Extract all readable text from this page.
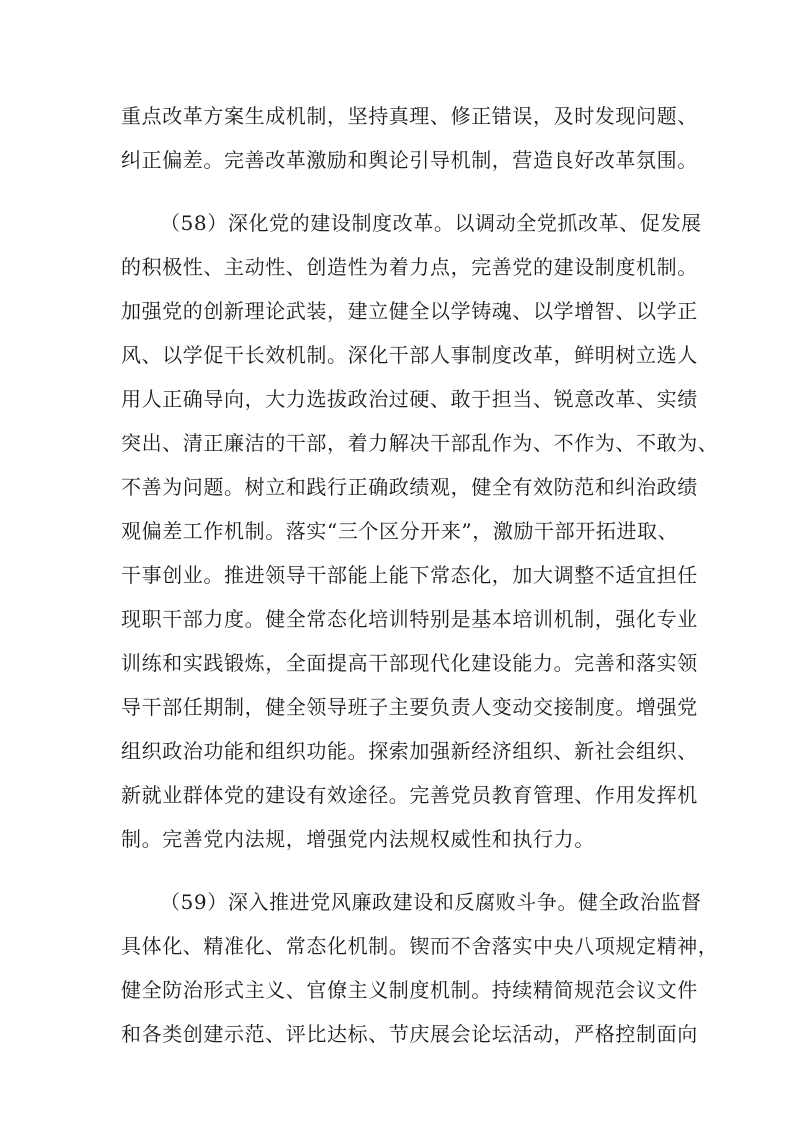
重点改革方案生成机制，坚持真理、修正错误，及时发现问题、
纠正偏差。完善改革激励和舆论引导机制，营造良好改革氛围。
（58）深化党的建设制度改革。以调动全党抓改革、促发展
的积极性、主动性、创造性为着力点，完善党的建设制度机制。
加强党的创新理论武装，建立健全以学铸魂、以学增智、以学正
风、以学促干长效机制。深化干部人事制度改革，鲜明树立选人
用人正确导向，大力选拔政治过硬、敢于担当、锐意改革、实绩
突出、清正廉洁的干部，着力解决干部乱作为、不作为、不敢为、
不善为问题。树立和践行正确政绩观，健全有效防范和纠治政绩
观偏差工作机制。落实“三个区分开来”，激励干部开拓进取、
干事创业。推进领导干部能上能下常态化，加大调整不适宜担任
现职干部力度。健全常态化培训特别是基本培训机制，强化专业
训练和实践锻炼，全面提高干部现代化建设能力。完善和落实领
导干部任期制，健全领导班子主要负责人变动交接制度。增强党
组织政治功能和组织功能。探索加强新经济组织、新社会组织、
新就业群体党的建设有效途径。完善党员教育管理、作用发挥机
制。完善党内法规，增强党内法规权威性和执行力。
（59）深入推进党风廉政建设和反腐败斗争。健全政治监督
具体化、精准化、常态化机制。锲而不舍落实中央八项规定精神，
健全防治形式主义、官僚主义制度机制。持续精简规范会议文件
和各类创建示范、评比达标、节庆展会论坛活动，严格控制面向
